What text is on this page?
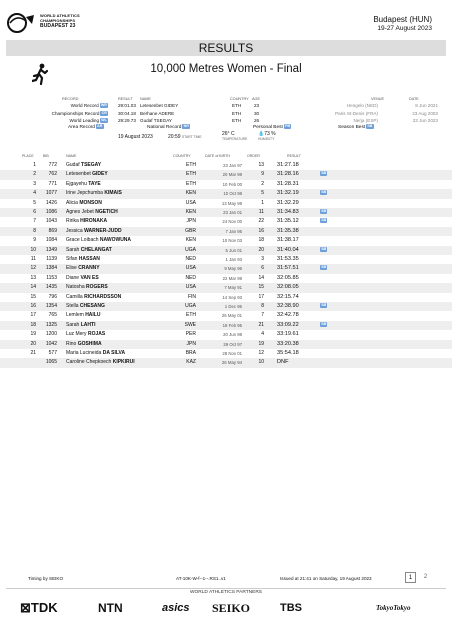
WORLD ATHLETICS
CHAMPIONSHIPS
BUDAPEST 23
Budapest (HUN)
19-27 August 2023
RESULTS
10,000 Metres Women - Final
RECORD	RESULT NAME	COUNTRY AGE	VENUE	DATE
World Record WR 29:01.03 Letesenbet GIDEY	ETH	23	Hengelo (NED)	8 Jun 2021
Championships Record CR 30:04.18 Berhane ADERE	ETH	30	Paris St-Denis (FRA)	23 Aug 2003
World Leading WL 29:29.73 Gudaf TSEGAY	ETH	26	Nerja (ESP)	23 Jun 2023
Area Record AR	National Record NR	Personal Best PB	Season Best SB
19 August 2023	20:59 START TIME	26° C
TEMPERATURE
💧73 %
HUMIDITY
PLACE	BIB	NAME	COUNTRY	DATE of BIRTH	ORDER	RESULT
1	772 Gudaf TSEGAY	ETH	23 Jan 97	13 31:27.18
2	762 Letesenbet GIDEY	ETH	20 Mar 98	9 31:28.16	SB
3	771 Ejgayehu TAYE	ETH	10 Feb 00	2 31:28.31
4	1077 Irine Jepchumba KIMAIS	KEN	10 Oct 98	5 31:32.19	SB
5	1426 Alicia MONSON	USA	13 May 98	1 31:32.29
6	1086 Agnes Jebet NGETICH	KEN	23 Jan 01	11 31:34.83	SB
7	1043 Ririka HIRONAKA	JPN	24 Nov 00	22 31:35.12	SB
8	869 Jessica WARNER-JUDD	GBR	7 Jan 95	16 31:35.38
9	1084 Grace Loibach NAWOWUNA	KEN	10 Nov 03	18 31:38.17
10	1349 Sarah CHELANGAT	UGA	5 Jun 01	20 31:40.04	SB
11	1139 Sifan HASSAN	NED	1 Jan 93	3 31:53.35
12	1384 Elise CRANNY	USA	9 May 96	6 31:57.51	SB
13	1153 Diane VAN ES	NED	22 Mar 99	14 32:05.85
14	1435 Natosha ROGERS	USA	7 May 91	15 32:08.05
15	796 Camilla RICHARDSSON	FIN	14 Sep 93	17 32:15.74
16	1354 Stella CHESANG	UGA	1 Dec 96	8 32:38.90	SB
17	765 Lemlem HAILU	ETH	25 May 01	7 32:42.78
18	1325 Sarah LAHTI	SWE	18 Feb 95	21 33:09.22	SB
19	1200 Luz Mery ROJAS	PER	20 Jun 98	4 33:19.61
20	1042 Rino GOSHIMA	JPN	29 Oct 97	19 33:20.38
21	577 Maria Lucineida DA SILVA	BRA	28 Nov 01	12 35:54.18
1065 Caroline Chepkoech KIPKIRUI	KAZ	26 May 94	10 DNF
Timing by SEIKO	AT-10K-W-f--1--.RS1..v1	Issued at 21:41 on Saturday, 19 August 2023	1	2
WORLD ATHLETICS PARTNERS
⊠TDK	NTN	asics SEIKO	TBS	TokyoTokyo
